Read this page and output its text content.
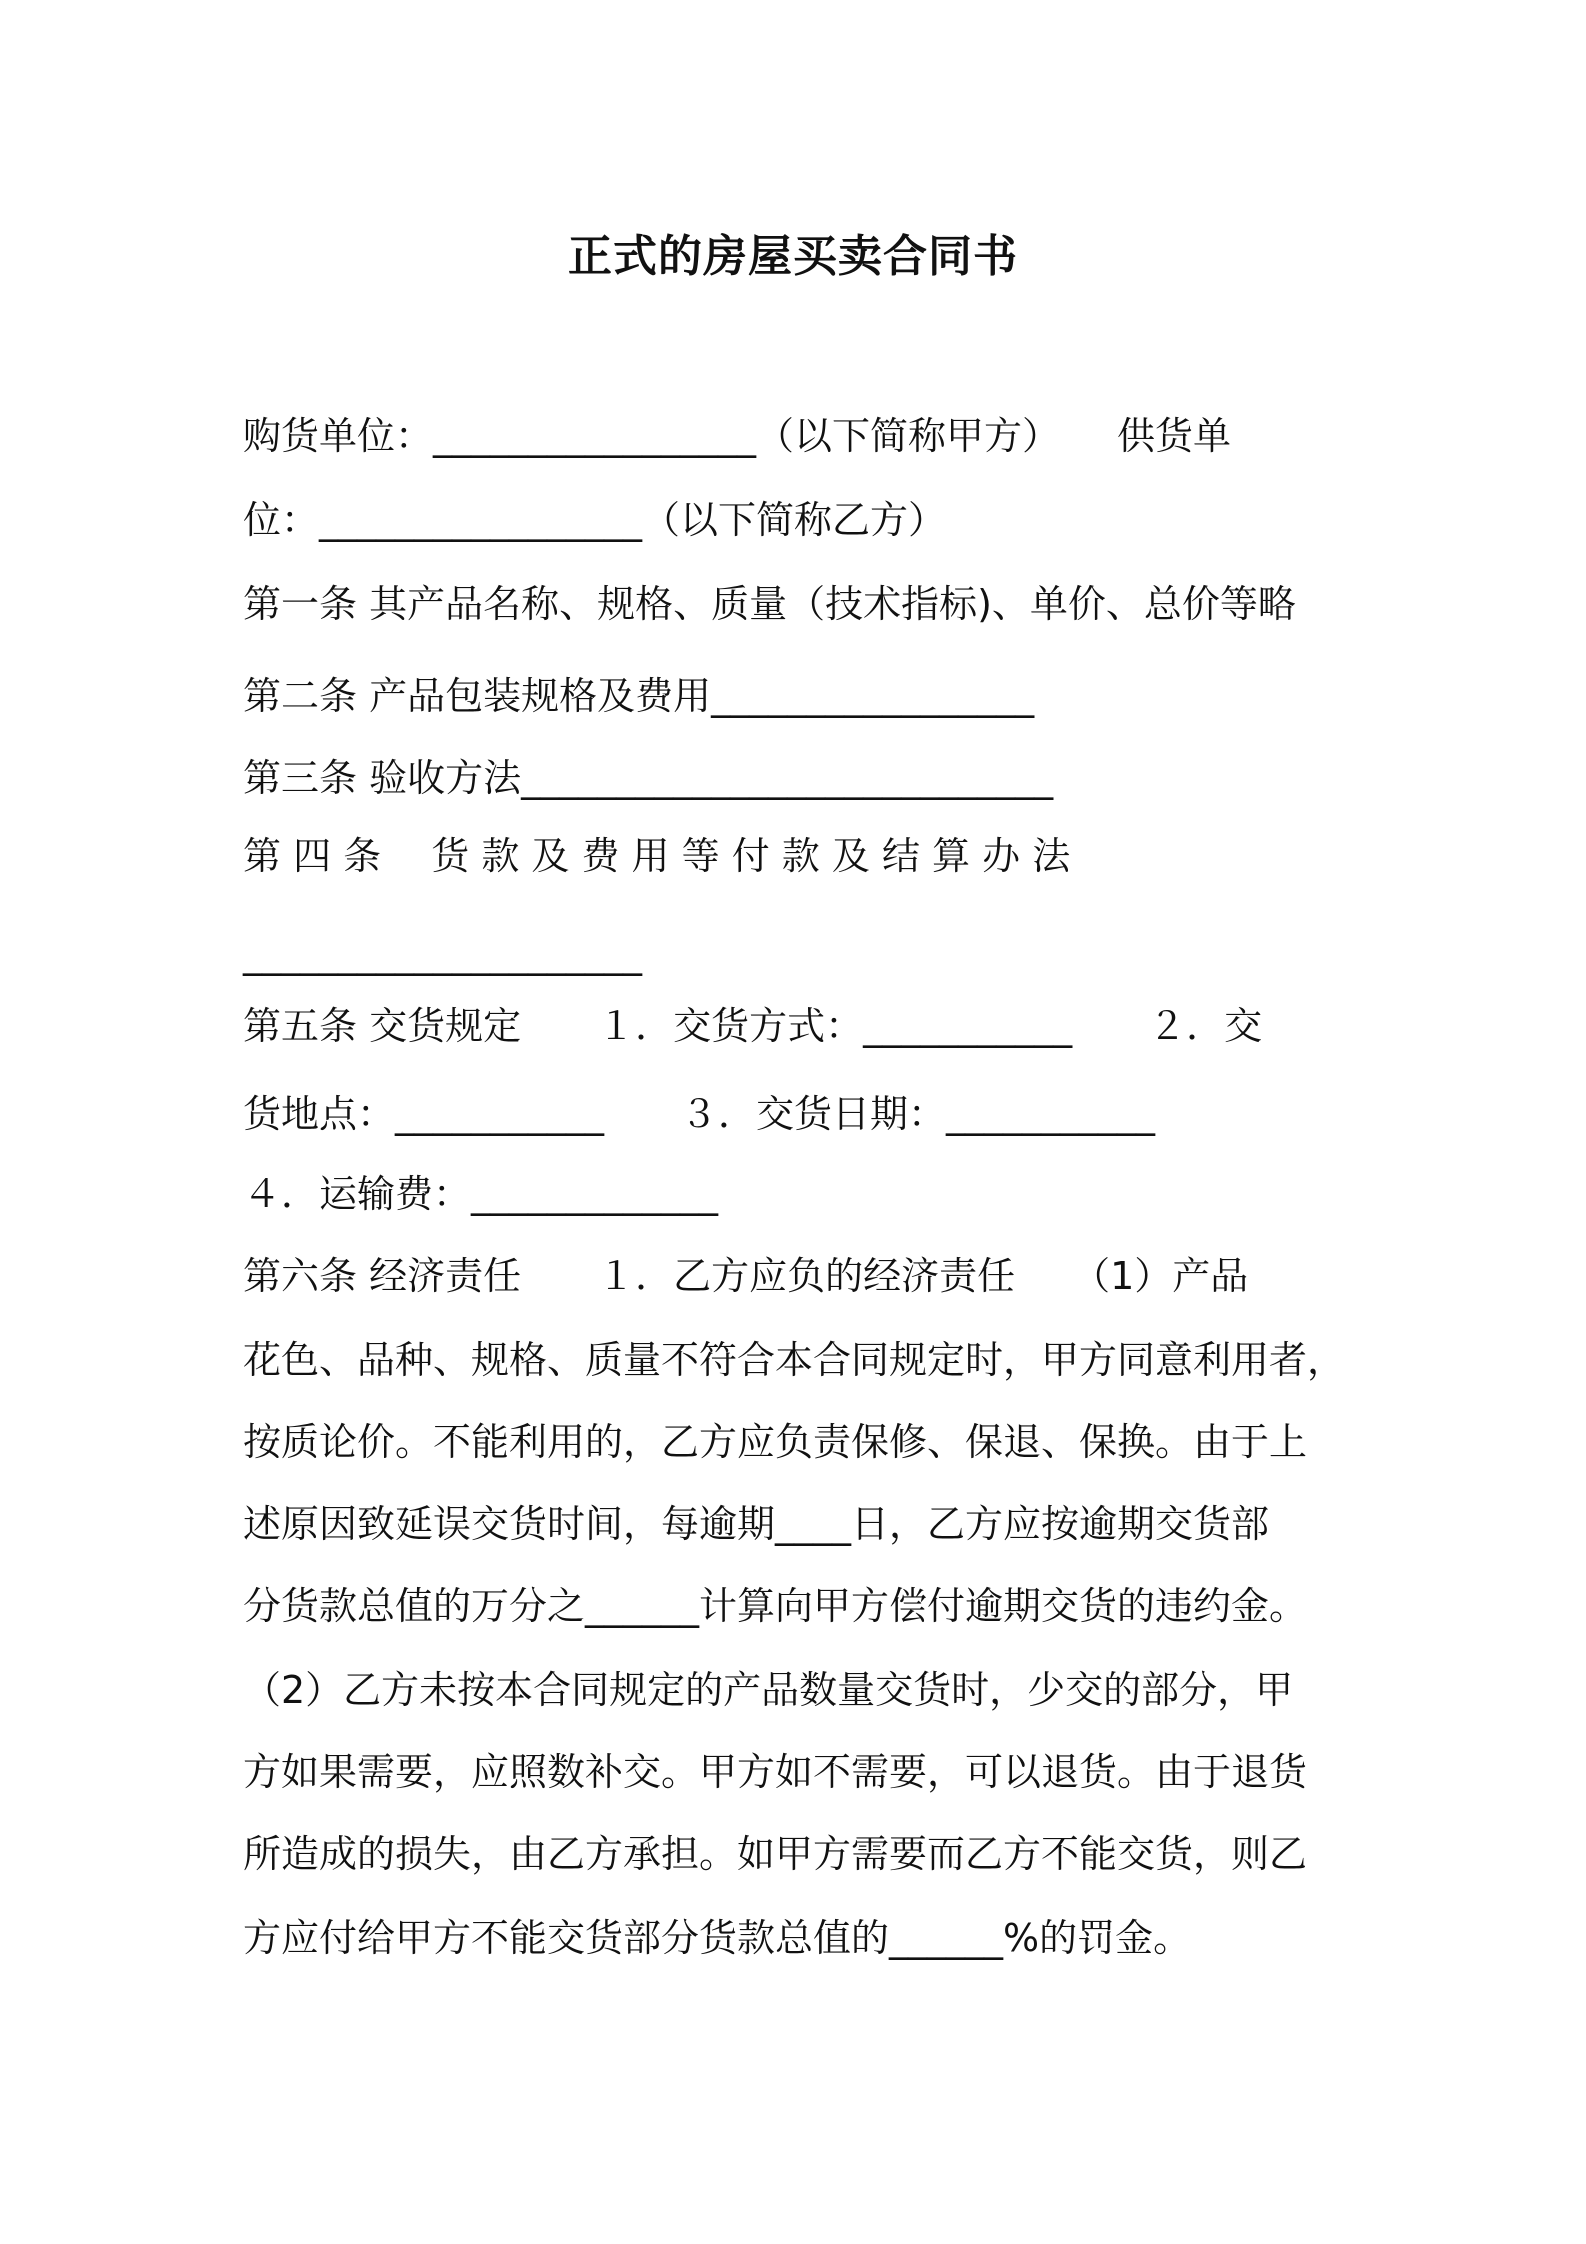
正式的房屋买卖合同书
购货单位：_________________（以下简称甲方）　　供货单
位：_________________（以下简称乙方）
第一条 其产品名称、规格、质量（技术指标)、单价、总价等略
第二条 产品包装规格及费用_________________
第三条 验收方法____________________________
第 四 条　 货 款 及 费 用 等 付 款 及 结 算 办 法
_____________________
第五条 交货规定　　１．交货方式：___________　　２．交
货地点：___________　　３．交货日期：___________
４．运输费：_____________
第六条 经济责任　　１．乙方应负的经济责任　　（1）产品
花色、品种、规格、质量不符合本合同规定时，甲方同意利用者，
按质论价。不能利用的，乙方应负责保修、保退、保换。由于上
述原因致延误交货时间，每逾期____日，乙方应按逾期交货部
分货款总值的万分之______计算向甲方偿付逾期交货的违约金。
（2）乙方未按本合同规定的产品数量交货时，少交的部分，甲
方如果需要，应照数补交。甲方如不需要，可以退货。由于退货
所造成的损失，由乙方承担。如甲方需要而乙方不能交货，则乙
方应付给甲方不能交货部分货款总值的______%的罚金。
